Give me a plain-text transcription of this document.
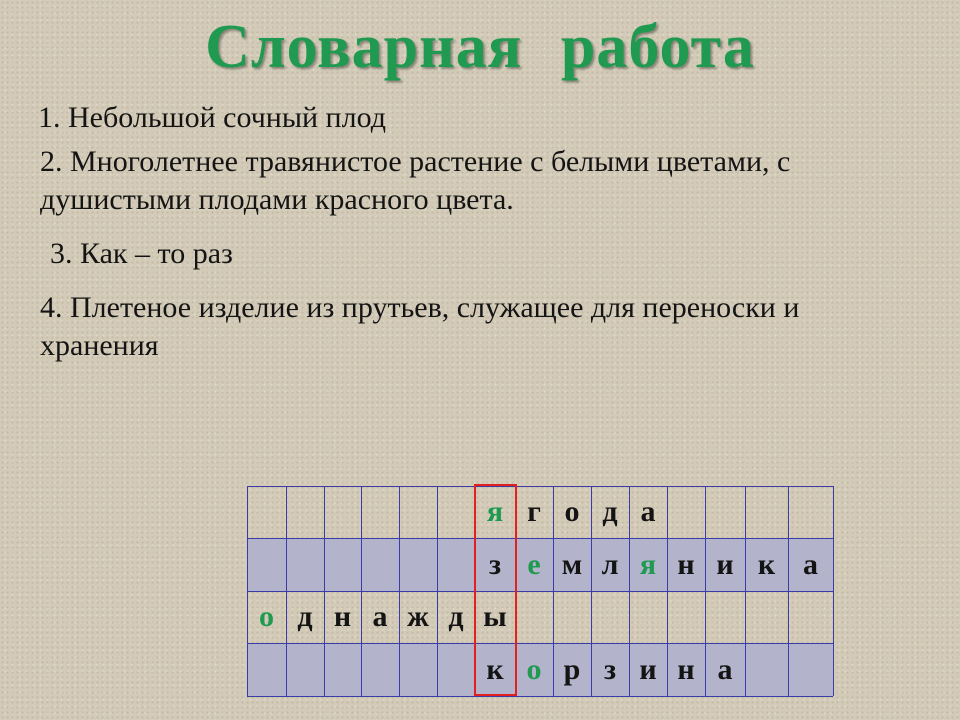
Словарная работа

1. Небольшой сочный плод

2. Многолетнее травянистое растение с белыми цветами, с душистыми плодами красного цвета.

3. Как – то раз

4. Плетеное изделие из прутьев, служащее для переноски и хранения

я г о д а
з е м л я н и к а
о д н а ж д ы
к о р з и н а
